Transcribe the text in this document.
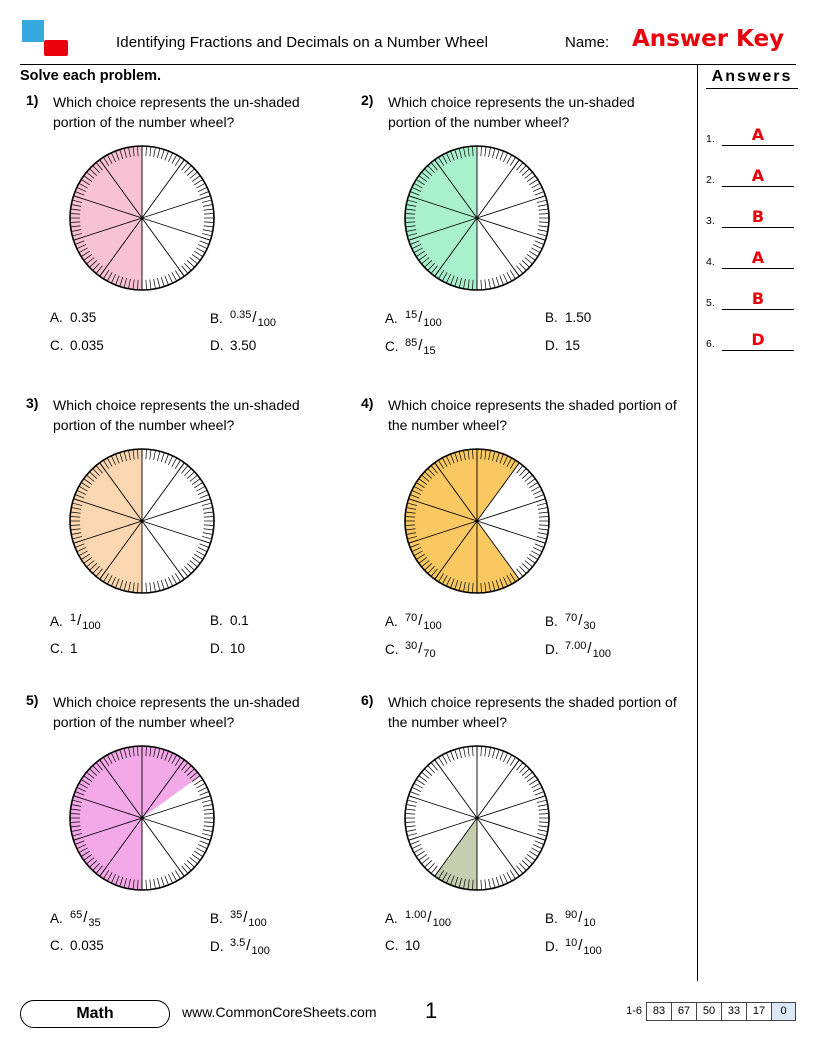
Identifying Fractions and Decimals on a Number Wheel	Name: Answer Key
Solve each problem.	Answers
1.	A
2.	A
3.	B
4.	A
5.	B
6.	D
1) Which choice represents the un-shaded portion of the number wheel?
A. 0.35	B. $^{0.35}/_{100}$
C. 0.035	D. 3.50
2) Which choice represents the un-shaded portion of the number wheel?
A. $^{15}/_{100}$	B. 1.50
C. $^{85}/_{15}$	D. 15
3) Which choice represents the un-shaded portion of the number wheel?
A. $^1/_{100}$	B. 0.1
C. 1	D. 10
4) Which choice represents the shaded portion of the number wheel?
A. $^{70}/_{100}$	B. $^{70}/_{30}$
C. $^{30}/_{70}$	D. $^{7.00}/_{100}$
5) Which choice represents the un-shaded portion of the number wheel?
A. $^{65}/_{35}$	B. $^{35}/_{100}$
C. 0.035	D. $^{3.5}/_{100}$
6) Which choice represents the shaded portion of the number wheel?
A. $^{1.00}/_{100}$	B. $^{90}/_{10}$
C. 10	D. $^{10}/_{100}$
Math	www.CommonCoreSheets.com 1	1-6 83	67	50	33	17	0
